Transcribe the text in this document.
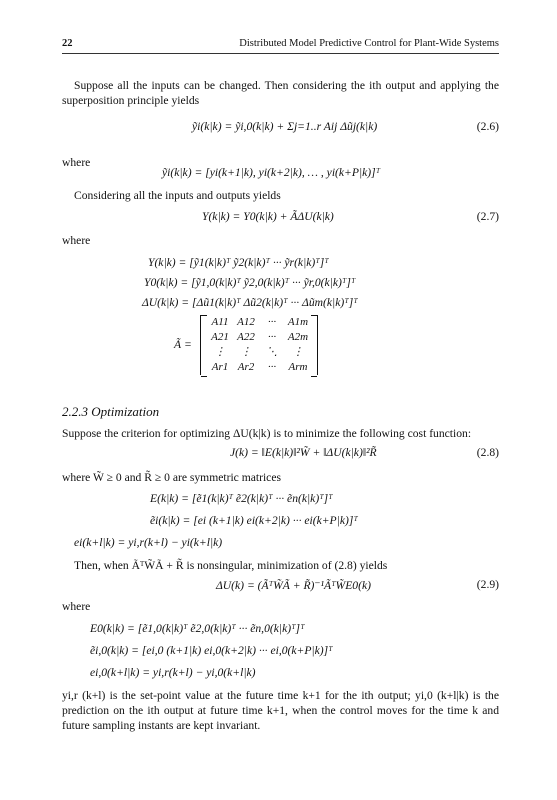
22	Distributed Model Predictive Control for Plant-Wide Systems
Suppose all the inputs can be changed. Then considering the ith output and applying the superposition principle yields
ỹi(k|k) = ỹi,0(k|k) + Σj=1..r Aij Δũj(k|k)	(2.6)
where
ỹi(k|k) = [yi(k+1|k), yi(k+2|k), … , yi(k+P|k)]ᵀ
Considering all the inputs and outputs yields
Y(k|k) = Y0(k|k) + ÃΔU(k|k)	(2.7)
where
Y(k|k) = [ỹ1(k|k)ᵀ ỹ2(k|k)ᵀ ··· ỹr(k|k)ᵀ]ᵀ
Y0(k|k) = [ỹ1,0(k|k)ᵀ ỹ2,0(k|k)ᵀ ··· ỹr,0(k|k)ᵀ]ᵀ
ΔU(k|k) = [Δũ1(k|k)ᵀ Δũ2(k|k)ᵀ ··· Δũm(k|k)ᵀ]ᵀ
Ã =
A11 A12	···	A1m
A21 A22	···	A2m
⋮	⋮	⋱	⋮
Ar1 Ar2	···	Arm
2.2.3 Optimization
Suppose the criterion for optimizing ΔU(k|k) is to minimize the following cost function:
J(k) = ‖E(k|k)‖²W̃ + ‖ΔU(k|k)‖²R̃	(2.8)
where W̃ ≥ 0 and R̃ ≥ 0 are symmetric matrices
E(k|k) = [ẽ1(k|k)ᵀ ẽ2(k|k)ᵀ ··· ẽn(k|k)ᵀ]ᵀ
ẽi(k|k) = [ei (k+1|k) ei(k+2|k) ··· ei(k+P|k)]ᵀ
ei(k+l|k) = yi,r(k+l) − yi(k+l|k)
Then, when ÃᵀW̃Ã + R̃ is nonsingular, minimization of (2.8) yields
ΔU(k) = (ÃᵀW̃Ã + R̃)⁻¹ÃᵀW̃E0(k)	(2.9)
where
E0(k|k) = [ẽ1,0(k|k)ᵀ ẽ2,0(k|k)ᵀ ··· ẽn,0(k|k)ᵀ]ᵀ
ẽi,0(k|k) = [ei,0 (k+1|k) ei,0(k+2|k) ··· ei,0(k+P|k)]ᵀ
ei,0(k+l|k) = yi,r(k+l) − yi,0(k+l|k)
yi,r (k+l) is the set-point value at the future time k+1 for the ith output; yi,0 (k+l|k) is the prediction on the ith output at future time k+1, when the control moves for the time k and future sampling instants are kept invariant.
